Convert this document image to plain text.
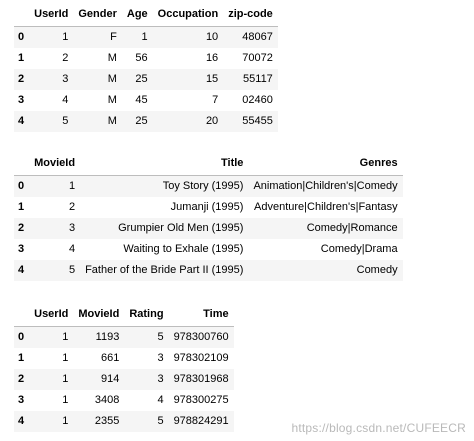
	UserId	Gender	Age	Occupation	zip-code
0	1	F	1	10	48067
1	2	M	56	16	70072
2	3	M	25	15	55117
3	4	M	45	7	02460
4	5	M	25	20	55455
	MovieId	Title	Genres
0	1	Toy Story (1995)	Animation|Children's|Comedy
1	2	Jumanji (1995)	Adventure|Children's|Fantasy
2	3	Grumpier Old Men (1995)	Comedy|Romance
3	4	Waiting to Exhale (1995)	Comedy|Drama
4	5	Father of the Bride Part II (1995)	Comedy
	UserId	MovieId	Rating	Time
0	1	1193	5	978300760
1	1	661	3	978302109
2	1	914	3	978301968
3	1	3408	4	978300275
4	1	2355	5	978824291	https://blog.csdn.net/CUFEECR
